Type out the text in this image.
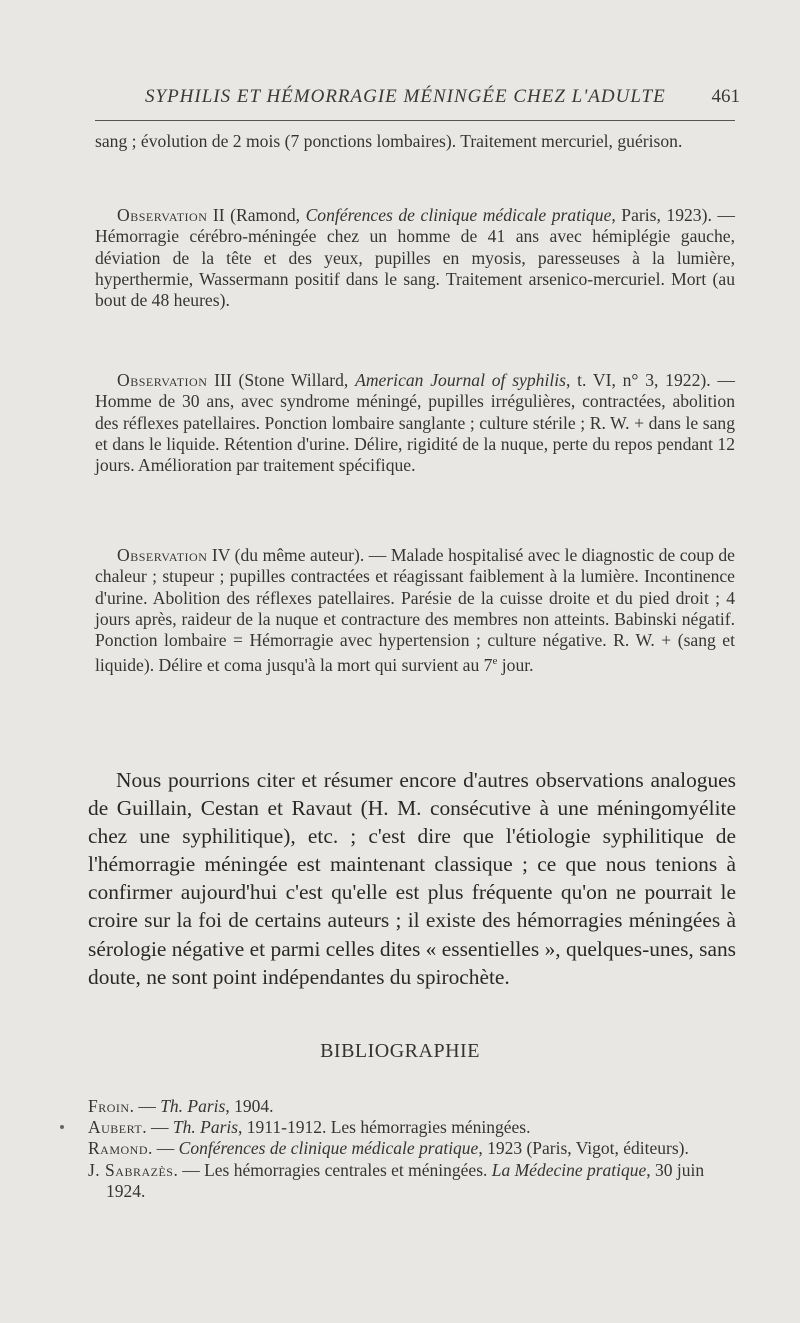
SYPHILIS ET HÉMORRAGIE MÉNINGÉE CHEZ L'ADULTE 461

sang ; évolution de 2 mois (7 ponctions lombaires). Traitement mercuriel, guérison.

Observation II (Ramond, Conférences de clinique médicale pratique, Paris, 1923). — Hémorragie cérébro-méningée chez un homme de 41 ans avec hémiplégie gauche, déviation de la tête et des yeux, pupilles en myosis, paresseuses à la lumière, hyperthermie, Wassermann positif dans le sang. Traitement arsenico-mercuriel. Mort (au bout de 48 heures).

Observation III (Stone Willard, American Journal of syphilis, t. VI, n° 3, 1922). — Homme de 30 ans, avec syndrome méningé, pupilles irrégulières, contractées, abolition des réflexes patellaires. Ponction lombaire sanglante ; culture stérile ; R. W. + dans le sang et dans le liquide. Rétention d'urine. Délire, rigidité de la nuque, perte du repos pendant 12 jours. Amélioration par traitement spécifique.

Observation IV (du même auteur). — Malade hospitalisé avec le diagnostic de coup de chaleur ; stupeur ; pupilles contractées et réagissant faiblement à la lumière. Incontinence d'urine. Abolition des réflexes patellaires. Parésie de la cuisse droite et du pied droit ; 4 jours après, raideur de la nuque et contracture des membres non atteints. Babinski négatif. Ponction lombaire = Hémorragie avec hypertension ; culture négative. R. W. + (sang et liquide). Délire et coma jusqu'à la mort qui survient au 7e jour.

Nous pourrions citer et résumer encore d'autres observations analogues de Guillain, Cestan et Ravaut (H. M. consécutive à une méningomyélite chez une syphilitique), etc. ; c'est dire que l'étiologie syphilitique de l'hémorragie méningée est maintenant classique ; ce que nous tenions à confirmer aujourd'hui c'est qu'elle est plus fréquente qu'on ne pourrait le croire sur la foi de certains auteurs ; il existe des hémorragies méningées à sérologie négative et parmi celles dites « essentielles », quelques-unes, sans doute, ne sont point indépendantes du spirochète.

BIBLIOGRAPHIE

Froin. — Th. Paris, 1904.

Aubert. — Th. Paris, 1911-1912. Les hémorragies méningées.

Ramond. — Conférences de clinique médicale pratique, 1923 (Paris, Vigot, éditeurs).

J. Sabrazès. — Les hémorragies centrales et méningées. La Médecine pratique, 30 juin 1924.
